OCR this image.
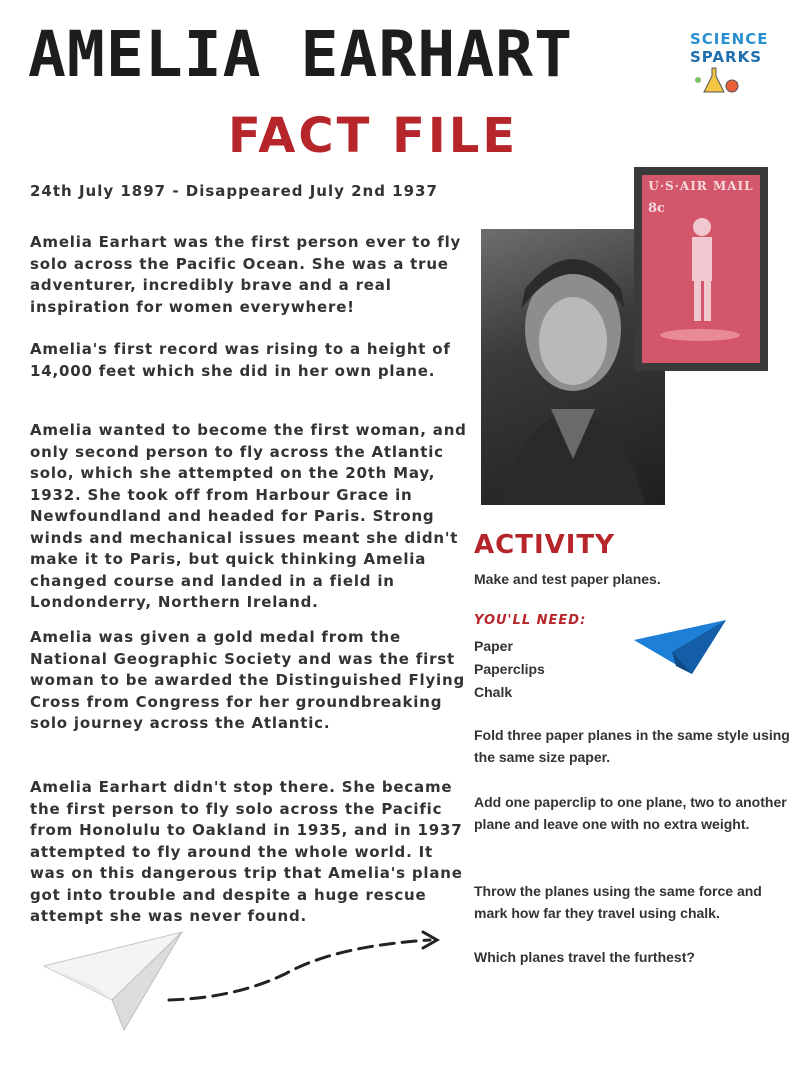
AMELIA EARHART
FACT FILE
SCIENCE
SPARKS
24th July 1897 - Disappeared July 2nd 1937
Amelia Earhart was the first person ever to fly solo across the Pacific Ocean. She was a true adventurer, incredibly brave and a real inspiration for women everywhere!
Amelia's first record was rising to a height of 14,000 feet which she did in her own plane.
Amelia wanted to become the first woman, and only second person to fly across the Atlantic solo, which she attempted on the 20th May, 1932. She took off from Harbour Grace in Newfoundland and headed for Paris. Strong winds and mechanical issues meant she didn't make it to Paris, but quick thinking Amelia changed course and landed in a field in Londonderry, Northern Ireland.
Amelia was given a gold medal from the National Geographic Society and was the first woman to be awarded the Distinguished Flying Cross from Congress for her groundbreaking solo journey across the Atlantic.
Amelia Earhart didn't stop there. She became the first person to fly solo across the Pacific from Honolulu to Oakland in 1935, and in 1937 attempted to fly around the whole world. It was on this dangerous trip that Amelia's plane got into trouble and despite a huge rescue attempt she was never found.
U·S·AIR MAIL
8c
ACTIVITY
Make and test paper planes.
YOU'LL NEED:
Paper
Paperclips
Chalk
Fold three paper planes in the same style using the same size paper.
Add one paperclip to one plane, two to another plane and leave one with no extra weight.
Throw the planes using the same force and mark how far they travel using chalk.
Which planes travel the furthest?
